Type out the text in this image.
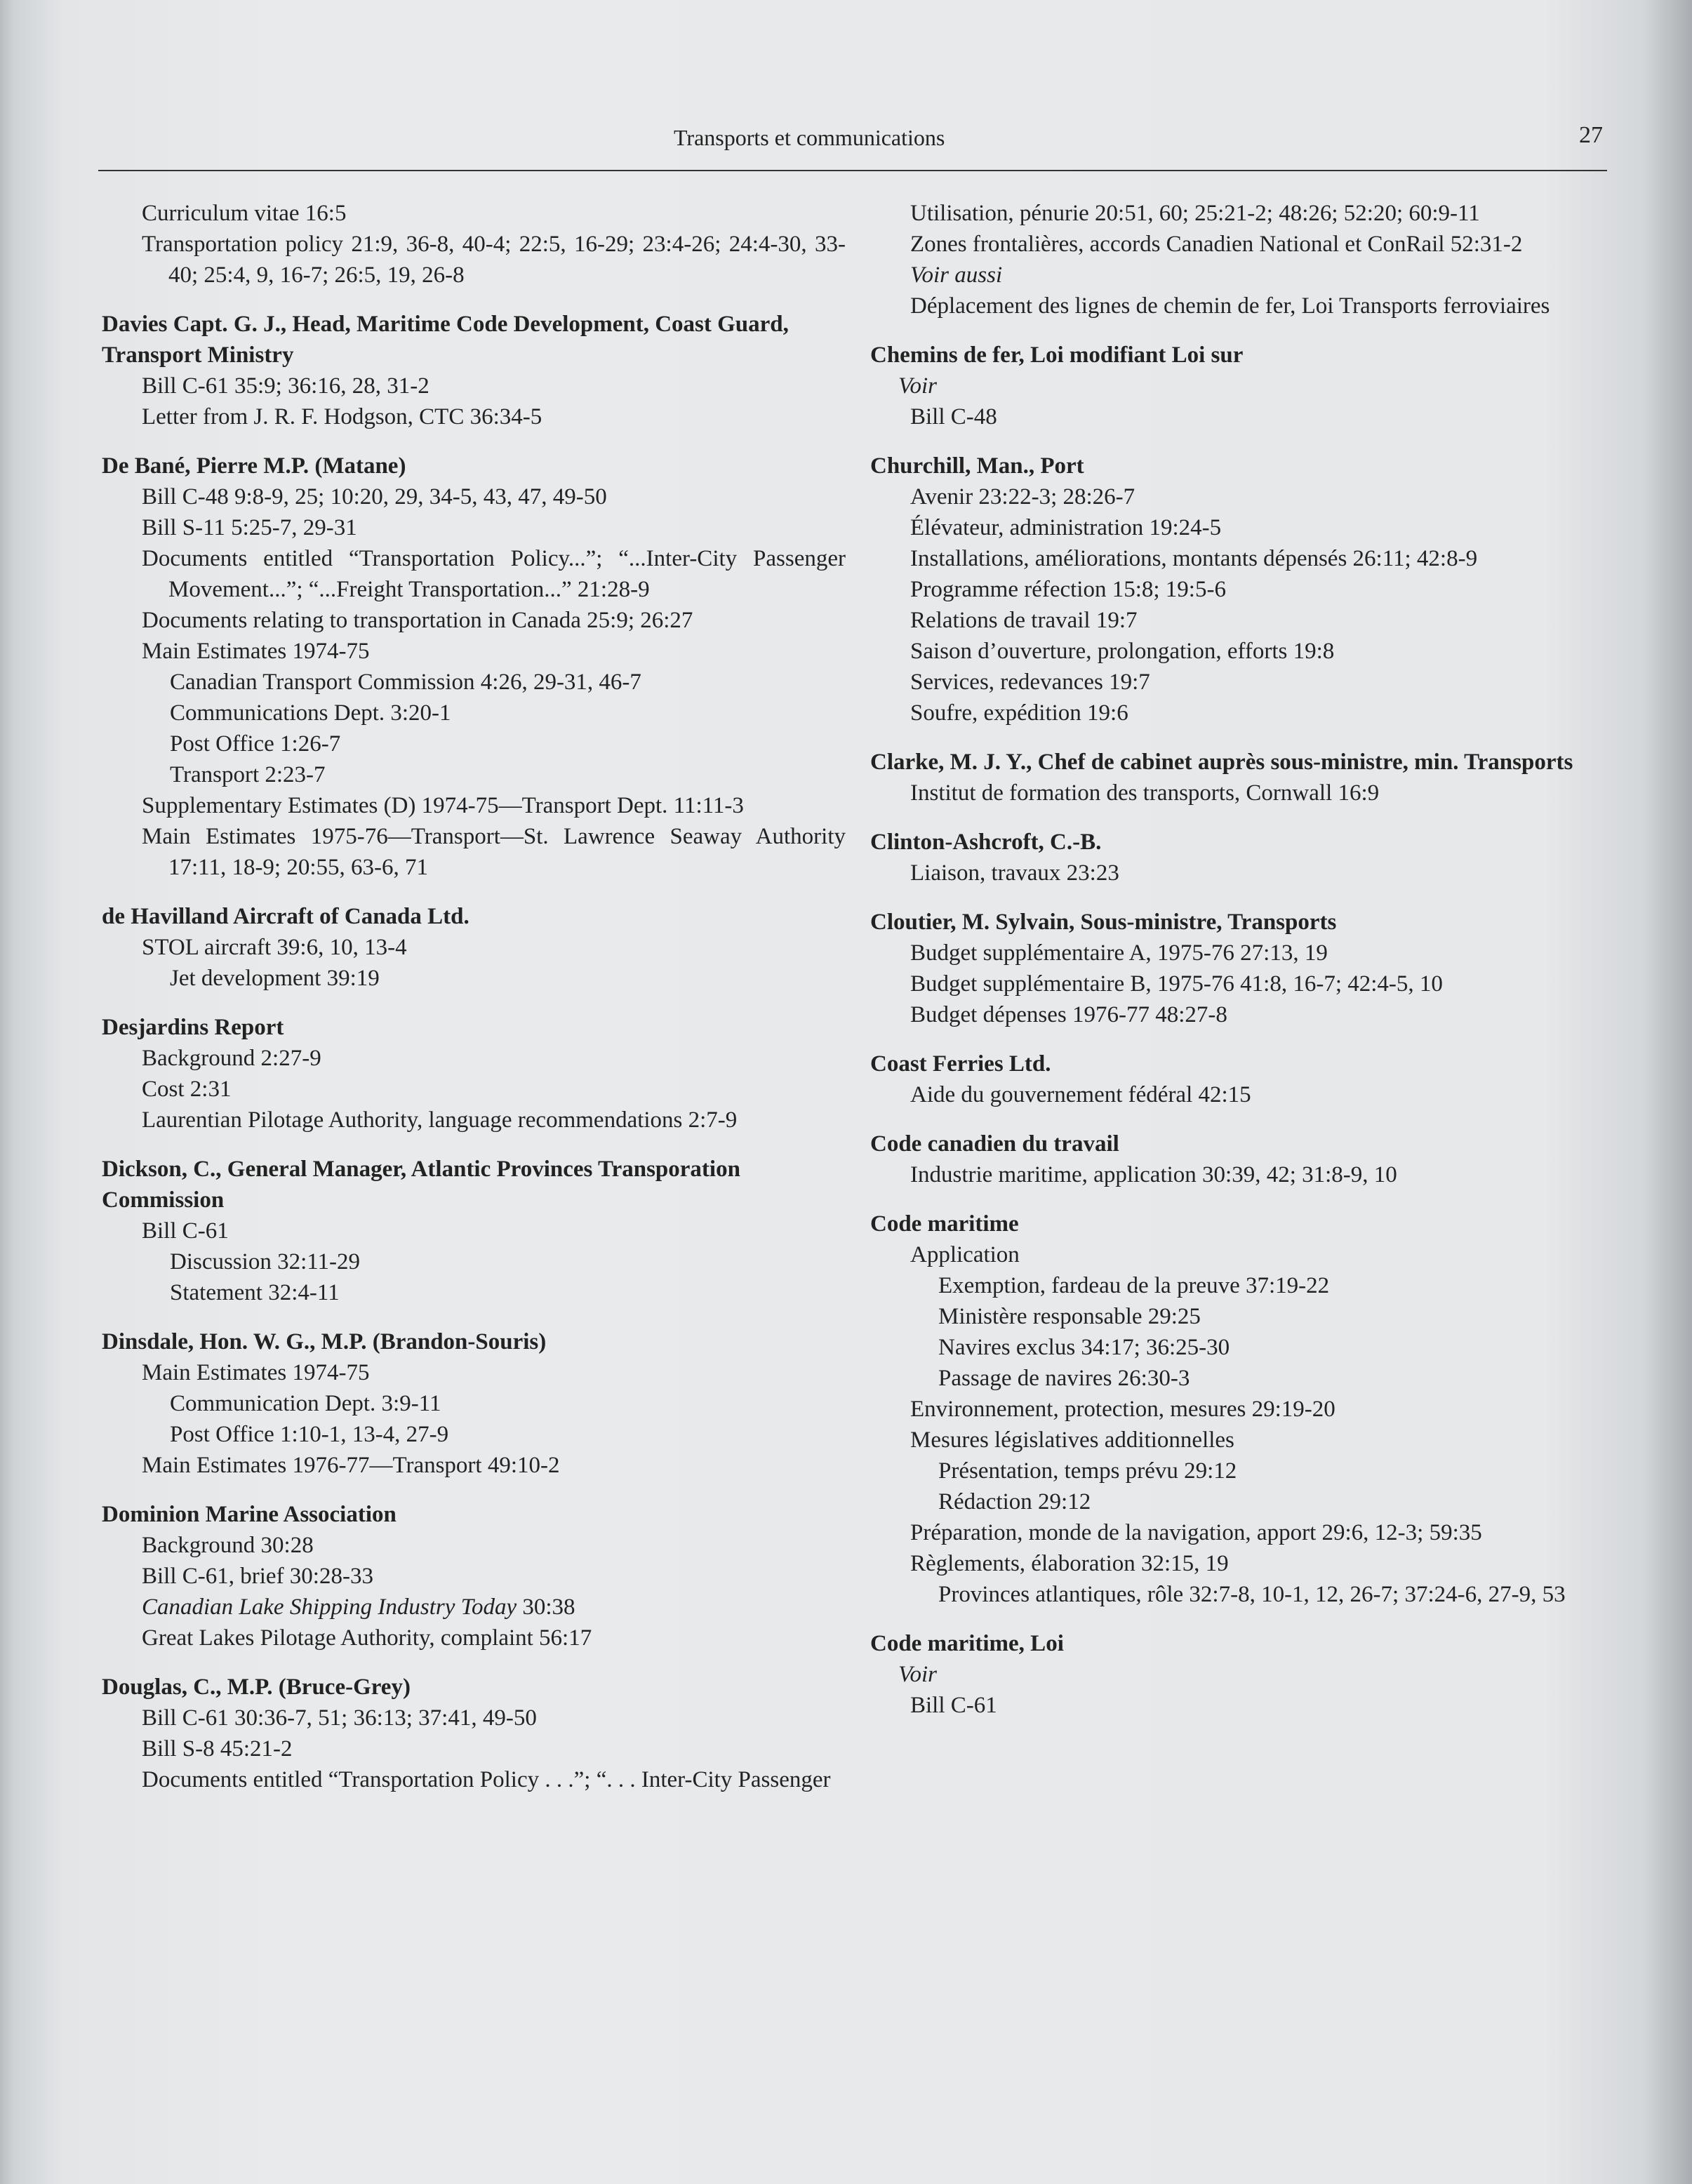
Transports et communications	27
Curriculum vitae 16:5
Transportation policy 21:9, 36-8, 40-4; 22:5, 16-29; 23:4-26; 24:4-30, 33-40; 25:4, 9, 16-7; 26:5, 19, 26-8
Davies Capt. G. J., Head, Maritime Code Development, Coast Guard, Transport Ministry
Bill C-61 35:9; 36:16, 28, 31-2
Letter from J. R. F. Hodgson, CTC 36:34-5
De Bané, Pierre M.P. (Matane)
Bill C-48 9:8-9, 25; 10:20, 29, 34-5, 43, 47, 49-50
Bill S-11 5:25-7, 29-31
Documents entitled “Transportation Policy...”; “...Inter-City Passenger Movement...”; “...Freight Transportation...” 21:28-9
Documents relating to transportation in Canada 25:9; 26:27
Main Estimates 1974-75
Canadian Transport Commission 4:26, 29-31, 46-7
Communications Dept. 3:20-1
Post Office 1:26-7
Transport 2:23-7
Supplementary Estimates (D) 1974-75—Transport Dept. 11:11-3
Main Estimates 1975-76—Transport—St. Lawrence Seaway Authority 17:11, 18-9; 20:55, 63-6, 71
de Havilland Aircraft of Canada Ltd.
STOL aircraft 39:6, 10, 13-4
Jet development 39:19
Desjardins Report
Background 2:27-9
Cost 2:31
Laurentian Pilotage Authority, language recommendations 2:7-9
Dickson, C., General Manager, Atlantic Provinces Transporation Commission
Bill C-61
Discussion 32:11-29
Statement 32:4-11
Dinsdale, Hon. W. G., M.P. (Brandon-Souris)
Main Estimates 1974-75
Communication Dept. 3:9-11
Post Office 1:10-1, 13-4, 27-9
Main Estimates 1976-77—Transport 49:10-2
Dominion Marine Association
Background 30:28
Bill C-61, brief 30:28-33
Canadian Lake Shipping Industry Today 30:38
Great Lakes Pilotage Authority, complaint 56:17
Douglas, C., M.P. (Bruce-Grey)
Bill C-61 30:36-7, 51; 36:13; 37:41, 49-50
Bill S-8 45:21-2
Documents entitled “Transportation Policy . . .”; “. . . Inter-City Passenger
Utilisation, pénurie 20:51, 60; 25:21-2; 48:26; 52:20; 60:9-11
Zones frontalières, accords Canadien National et ConRail 52:31-2
Voir aussi
Déplacement des lignes de chemin de fer, Loi Transports ferroviaires
Chemins de fer, Loi modifiant Loi sur
Voir
Bill C-48
Churchill, Man., Port
Avenir 23:22-3; 28:26-7
Élévateur, administration 19:24-5
Installations, améliorations, montants dépensés 26:11; 42:8-9
Programme réfection 15:8; 19:5-6
Relations de travail 19:7
Saison d’ouverture, prolongation, efforts 19:8
Services, redevances 19:7
Soufre, expédition 19:6
Clarke, M. J. Y., Chef de cabinet auprès sous-ministre, min. Transports
Institut de formation des transports, Cornwall 16:9
Clinton-Ashcroft, C.-B.
Liaison, travaux 23:23
Cloutier, M. Sylvain, Sous-ministre, Transports
Budget supplémentaire A, 1975-76 27:13, 19
Budget supplémentaire B, 1975-76 41:8, 16-7; 42:4-5, 10
Budget dépenses 1976-77 48:27-8
Coast Ferries Ltd.
Aide du gouvernement fédéral 42:15
Code canadien du travail
Industrie maritime, application 30:39, 42; 31:8-9, 10
Code maritime
Application
Exemption, fardeau de la preuve 37:19-22
Ministère responsable 29:25
Navires exclus 34:17; 36:25-30
Passage de navires 26:30-3
Environnement, protection, mesures 29:19-20
Mesures législatives additionnelles
Présentation, temps prévu 29:12
Rédaction 29:12
Préparation, monde de la navigation, apport 29:6, 12-3; 59:35
Règlements, élaboration 32:15, 19
Provinces atlantiques, rôle 32:7-8, 10-1, 12, 26-7; 37:24-6, 27-9, 53
Code maritime, Loi
Voir
Bill C-61
